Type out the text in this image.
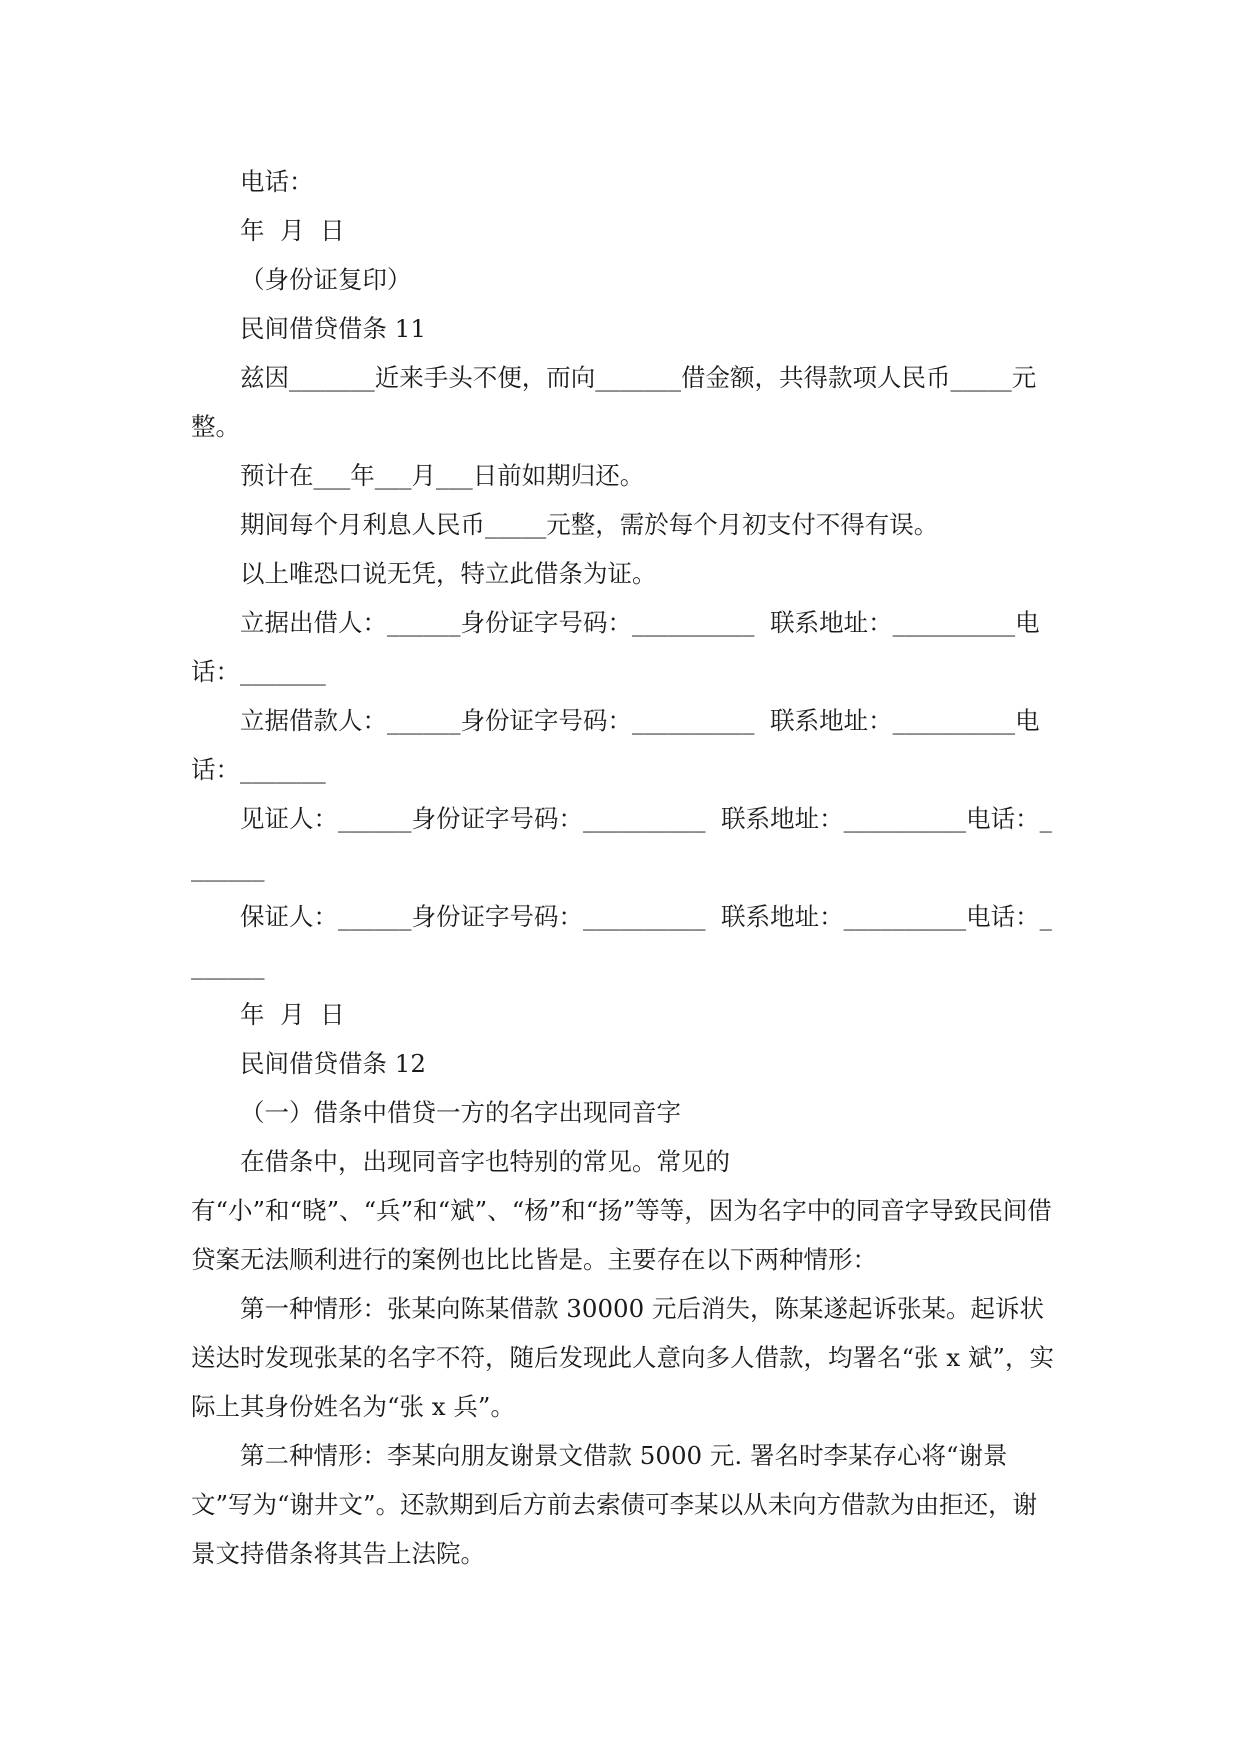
电话：

年  月  日

（身份证复印）

民间借贷借条 11

兹因_______近来手头不便，而向_______借金额，共得款项人民币_____元整。

预计在___年___月___日前如期归还。

期间每个月利息人民币_____元整，需於每个月初支付不得有误。

以上唯恐口说无凭，特立此借条为证。

立据出借人：______身份证字号码：__________  联系地址：__________电话：_______

立据借款人：______身份证字号码：__________  联系地址：__________电话：_______

见证人：______身份证字号码：__________  联系地址：__________电话：_______

保证人：______身份证字号码：__________  联系地址：__________电话：_______

年  月  日

民间借贷借条 12

（一）借条中借贷一方的名字出现同音字

在借条中，出现同音字也特别的常见。常见的有“小”和“晓”、“兵”和“斌”、“杨”和“扬”等等，因为名字中的同音字导致民间借贷案无法顺利进行的案例也比比皆是。主要存在以下两种情形：

第一种情形：张某向陈某借款 30000 元后消失，陈某遂起诉张某。起诉状送达时发现张某的名字不符，随后发现此人意向多人借款，均署名“张 x 斌”，实际上其身份姓名为“张 x 兵”。

第二种情形：李某向朋友谢景文借款 5000 元. 署名时李某存心将“谢景文”写为“谢井文”。还款期到后方前去索债可李某以从未向方借款为由拒还，谢景文持借条将其告上法院。
